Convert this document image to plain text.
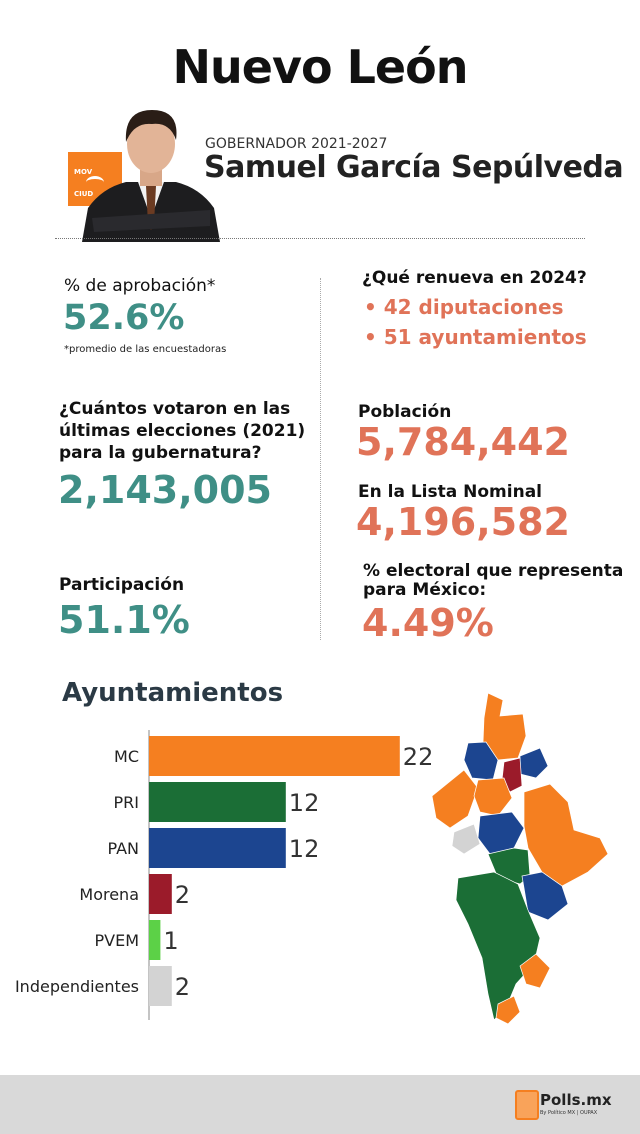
Nuevo León
MOV
CIUD
GOBERNADOR 2021-2027
Samuel García Sepúlveda
% de aprobación*
52.6%
*promedio de las encuestadoras
¿Qué renueva en 2024?
• 42 diputaciones
• 51 ayuntamientos
¿Cuántos votaron en las últimas elecciones (2021) para la gubernatura?
2,143,005
Población
5,784,442
En la Lista Nominal
4,196,582
Participación
51.1%
% electoral que representa para México:
4.49%
Ayuntamientos
MC	22
PRI	12
PAN	12
Morena 2
PVEM 1
Independientes 2
Polls.mx
By Político MX | OUPAX
